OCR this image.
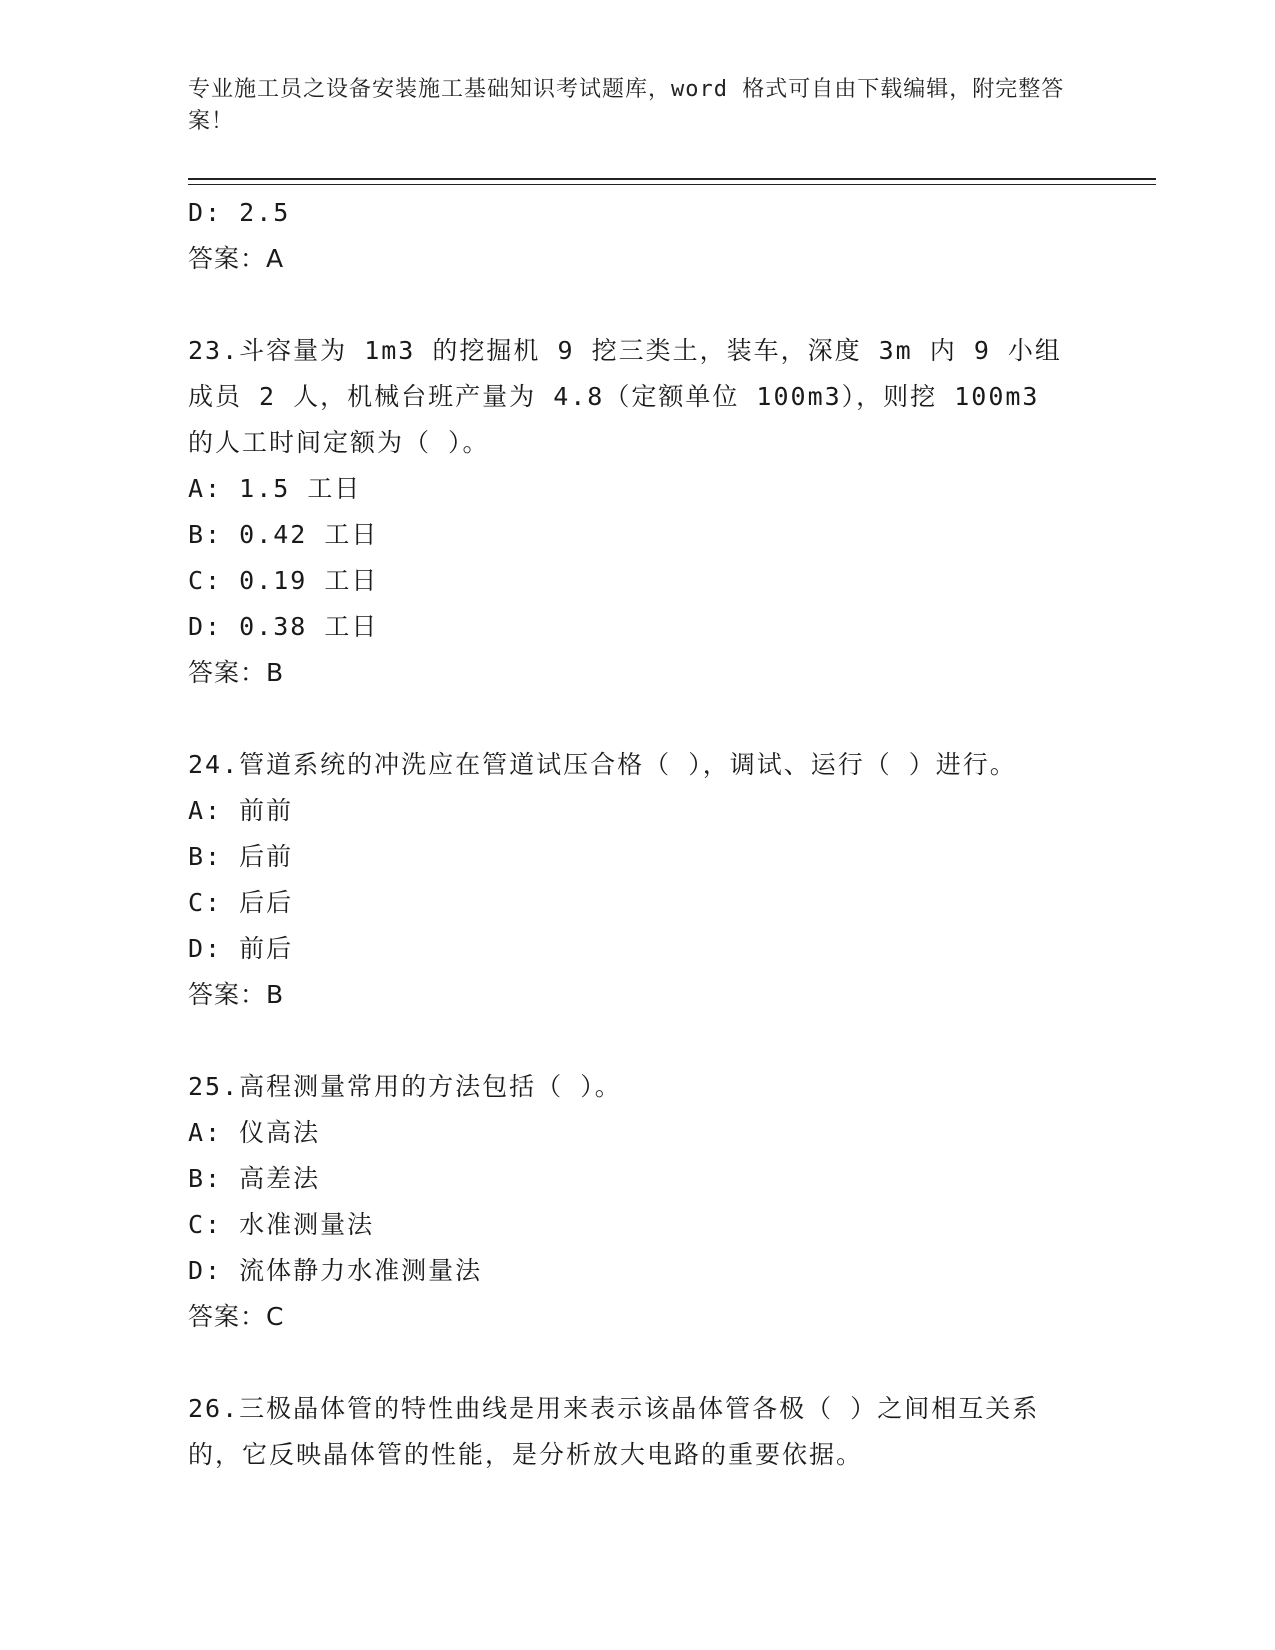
专业施工员之设备安装施工基础知识考试题库，word 格式可自由下载编辑，附完整答案！
D: 2.5
答案：A
23.斗容量为 1m3 的挖掘机 9 挖三类土，装车，深度 3m 内 9 小组成员 2 人，机械台班产量为 4.8（定额单位 100m3），则挖 100m3 的人工时间定额为（ ）。
A: 1.5 工日
B: 0.42 工日
C: 0.19 工日
D: 0.38 工日
答案：B
24.管道系统的冲洗应在管道试压合格（ ），调试、运行（ ）进行。
A: 前前
B: 后前
C: 后后
D: 前后
答案：B
25.高程测量常用的方法包括（ ）。
A: 仪高法
B: 高差法
C: 水准测量法
D: 流体静力水准测量法
答案：C
26.三极晶体管的特性曲线是用来表示该晶体管各极（ ）之间相互关系的，它反映晶体管的性能，是分析放大电路的重要依据。
